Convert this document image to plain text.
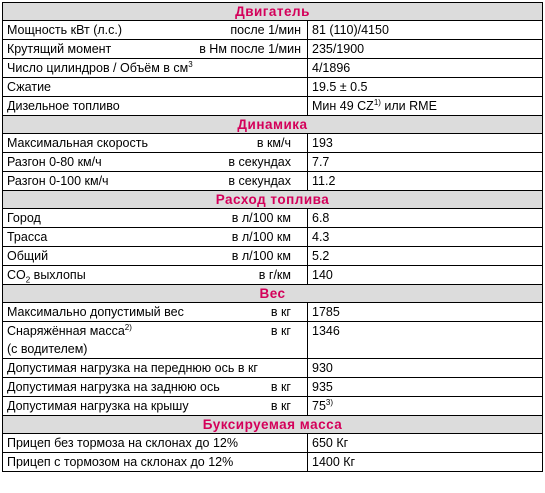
Двигатель	

Мощность кВт (л.с.) после 1/мин	81 (110)/4150

Крутящий момент в Нм после 1/мин	235/1900

Число цилиндров / Объём в $см^3$	4/1896

Сжатие	19.5 ± 0.5

Дизельное топливо	Мин 49 CZ$^{1)}$ или RME
Динамика	

Максимальная скорость в км/ч	193

Разгон 0-80 км/ч в секундах	7.7

Разгон 0-100 км/ч в секундах	11.2
Расход топлива	

Город в л/100 км	6.8

Трасса в л/100 км	4.3

Общий в л/100 км	5.2

$CO_2$ выхлопы в г/км	140
Вес	

Максимально допустимый вес в кг	1785

Снаряжённая масса$^{2)}$
(с водителем)
в кг	1346

Допустимая нагрузка на переднюю ось в кг	930

Допустимая нагрузка на заднюю ось в кг	935

Допустимая нагрузка на крышу в кг	75$^{3)}$
Буксируемая масса	

Прицеп без тормоза на склонах до 12%	650 Кг

Прицеп с тормозом на склонах до 12%	1400 Кг
